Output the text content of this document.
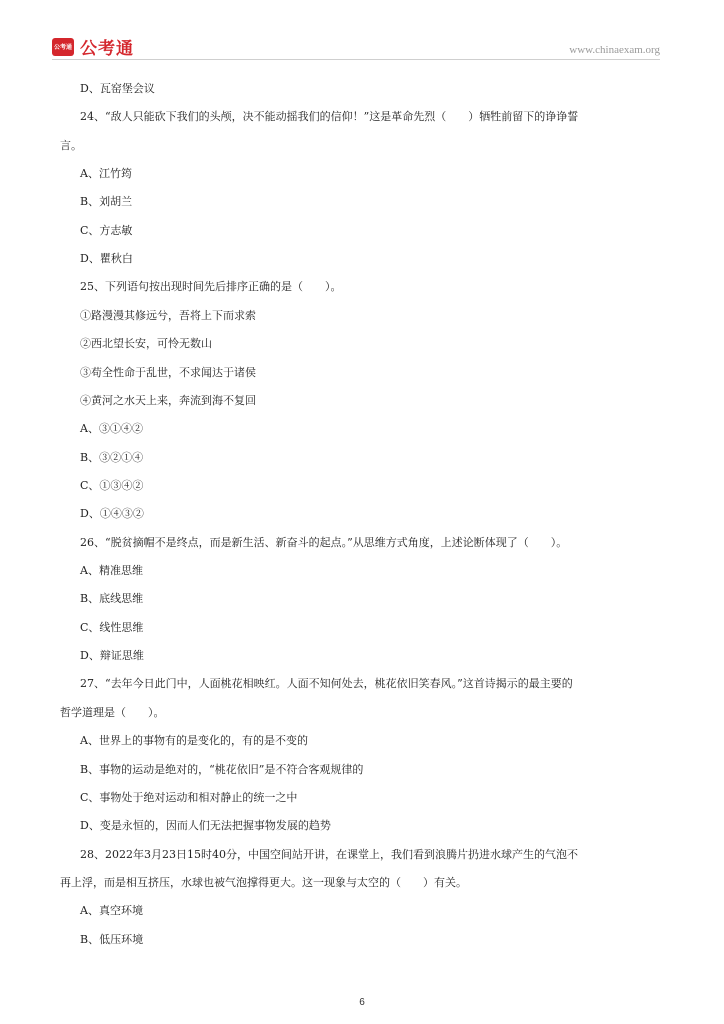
公考通 公考通	www.chinaexam.org
D、瓦窑堡会议
24、“敌人只能砍下我们的头颅，决不能动摇我们的信仰！”这是革命先烈（　　）牺牲前留下的诤诤誓
言。
A、江竹筠
B、刘胡兰
C、方志敏
D、瞿秋白
25、下列语句按出现时间先后排序正确的是（　　）。
①路漫漫其修远兮，吾将上下而求索
②西北望长安，可怜无数山
③苟全性命于乱世，不求闻达于诸侯
④黄河之水天上来，奔流到海不复回
A、③①④②
B、③②①④
C、①③④②
D、①④③②
26、“脱贫摘帽不是终点，而是新生活、新奋斗的起点。”从思维方式角度，上述论断体现了（　　）。
A、精准思维
B、底线思维
C、线性思维
D、辩证思维
27、“去年今日此门中，人面桃花相映红。人面不知何处去，桃花依旧笑春风。”这首诗揭示的最主要的
哲学道理是（　　）。
A、世界上的事物有的是变化的，有的是不变的
B、事物的运动是绝对的，“桃花依旧”是不符合客观规律的
C、事物处于绝对运动和相对静止的统一之中
D、变是永恒的，因而人们无法把握事物发展的趋势
28、2022年3月23日15时40分，中国空间站开讲，在课堂上，我们看到浪腾片扔进水球产生的气泡不
再上浮，而是相互挤压，水球也被气泡撑得更大。这一现象与太空的（　　）有关。
A、真空环境
B、低压环境
6
